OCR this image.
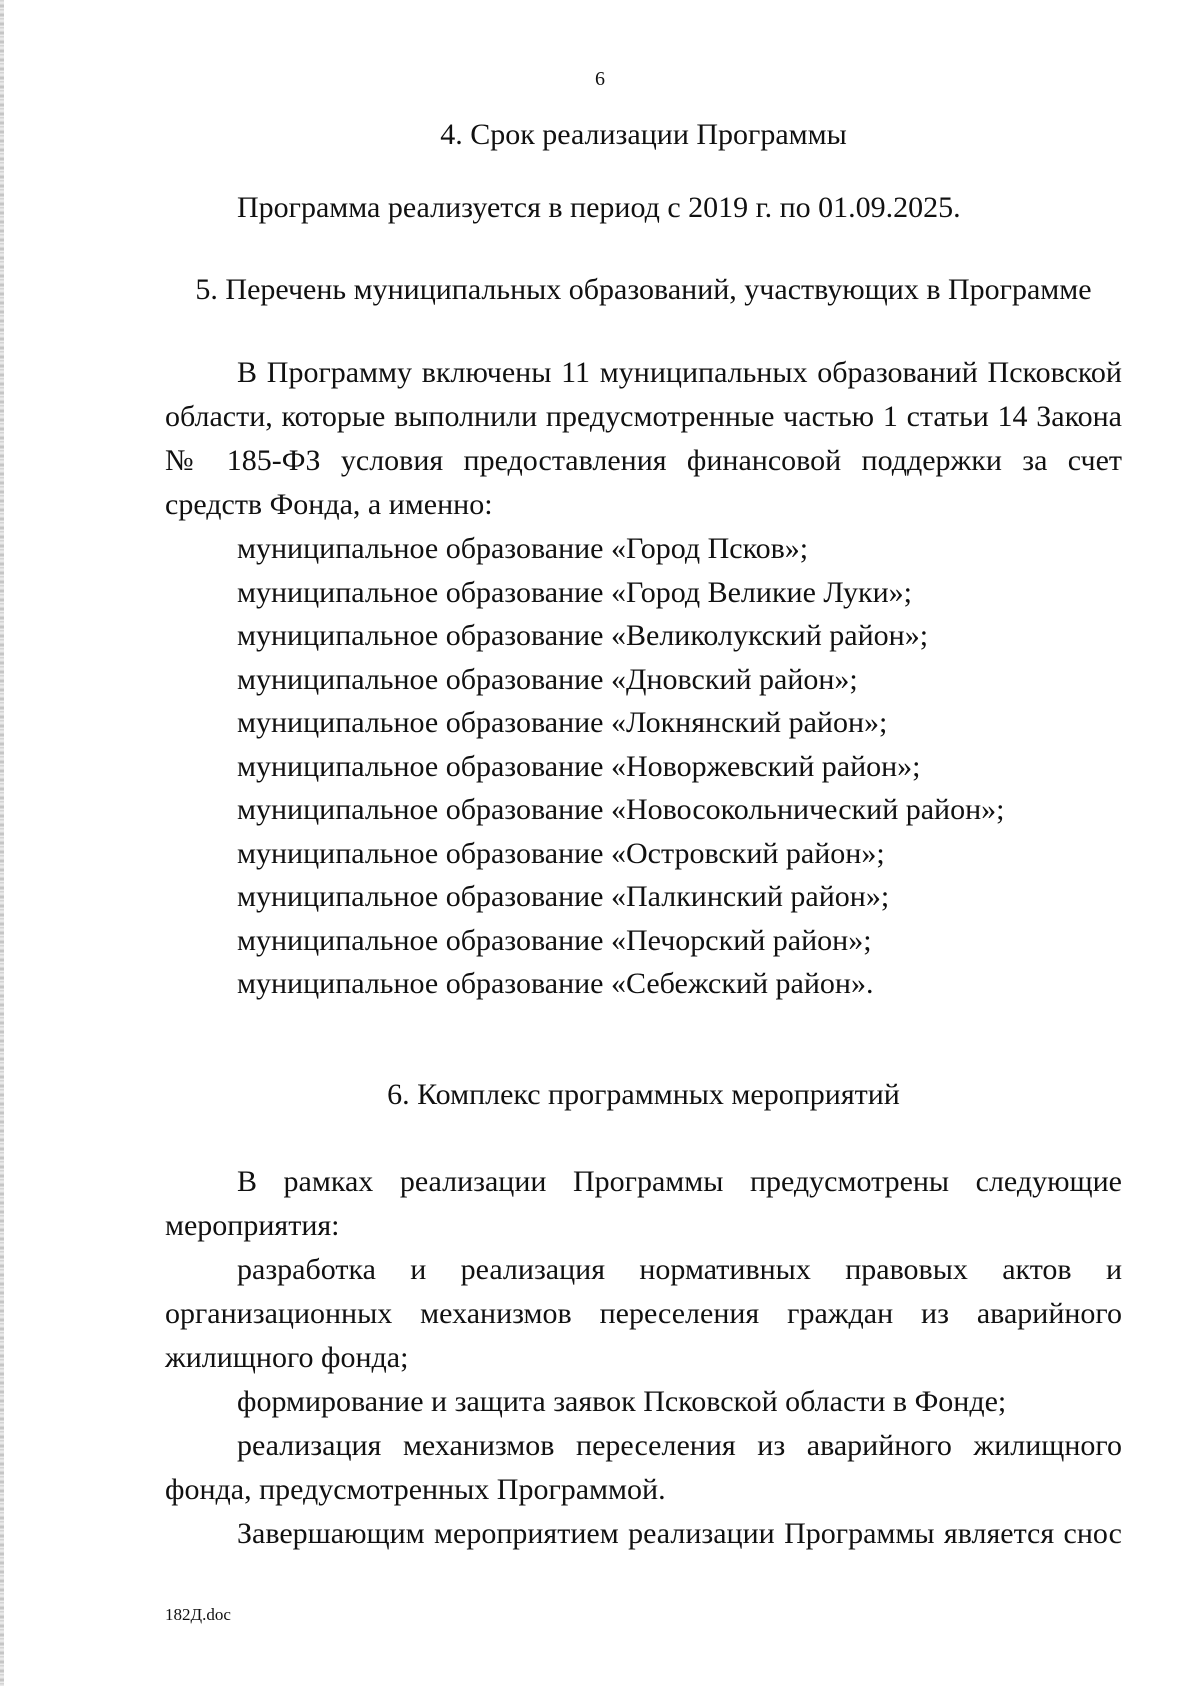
6
4. Срок реализации Программы

Программа реализуется в период с 2019 г. по 01.09.2025.

5. Перечень муниципальных образований, участвующих в Программе

В Программу включены 11 муниципальных образований Псковской области, которые выполнили предусмотренные частью 1 статьи 14 Закона № 185-ФЗ условия предоставления финансовой поддержки за счет средств Фонда, а именно:

муниципальное образование «Город Псков»;

муниципальное образование «Город Великие Луки»;

муниципальное образование «Великолукский район»;

муниципальное образование «Дновский район»;

муниципальное образование «Локнянский район»;

муниципальное образование «Новоржевский район»;

муниципальное образование «Новосокольнический район»;

муниципальное образование «Островский район»;

муниципальное образование «Палкинский район»;

муниципальное образование «Печорский район»;

муниципальное образование «Себежский район».

6. Комплекс программных мероприятий

В рамках реализации Программы предусмотрены следующие мероприятия:

разработка и реализация нормативных правовых актов и организационных механизмов переселения граждан из аварийного жилищного фонда;

формирование и защита заявок Псковской области в Фонде;

реализация механизмов переселения из аварийного жилищного фонда, предусмотренных Программой.

Завершающим мероприятием реализации Программы является снос

182Д.doc
